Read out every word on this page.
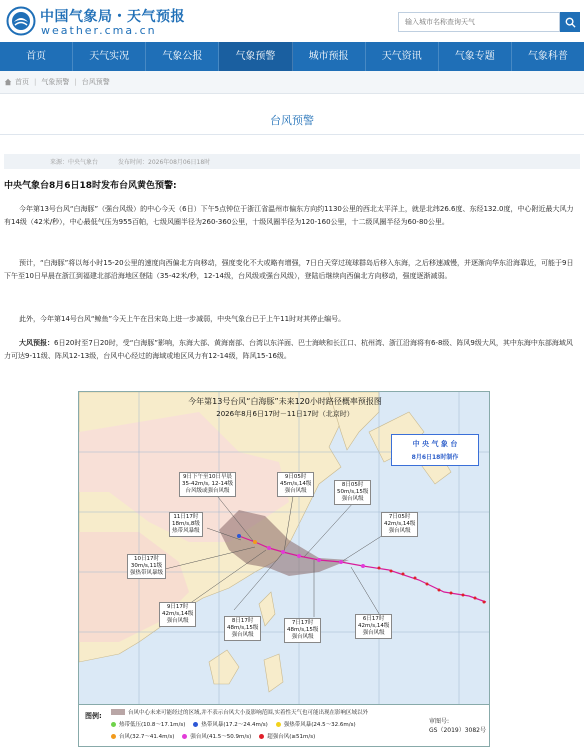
中国气象局・天气预报
weather.cma.cn
输入城市名称查询天气
首页	天气实况	气象公报	气象预警	城市预报	天气资讯	气象专题	气象科普
首页 | 气象预警 | 台风预警
台风预警
来源：中央气象台	发布时间：2026年08月06日18时
中央气象台8月6日18时发布台风黄色预警:
今年第13号台风“白海豚”（强台风级）的中心今天（6日）下午5点钟位于浙江省温州市偏东方向约1130公里的西北太平洋上，就是北纬26.6度、东经132.0度，中心附近最大风力有14级（42米/秒），中心最低气压为955百帕，七级风圈半径为260-360公里，十级风圈半径为120-160公里，十二级风圈半径为60-80公里。
预计，“白海豚”将以每小时15-20公里的速度向西偏北方向移动，强度变化不大或略有增强，7日白天穿过琉球群岛后移入东海，之后移速减慢，并逐渐向华东沿海靠近，可能于9日下午至10日早晨在浙江到福建北部沿海地区登陆（35-42米/秒，12-14级，台风级或强台风级），登陆后继续向西偏北方向移动，强度逐渐减弱。
此外，今年第14号台风“鲸鱼”今天上午在吕宋岛上进一步减弱，中央气象台已于上午11时对其停止编号。
大风预报：6日20时至7日20时，受“白海豚”影响，东海大部、黄海南部、台湾以东洋面、巴士海峡和长江口、杭州湾、浙江沿海将有6-8级、阵风9级大风，其中东海中东部海域风力可达9-11级、阵风12-13级，台风中心经过的海域或地区风力有12-14级，阵风15-16级。
今年第13号台风“白海豚”未来120小时路径概率预报图
2026年8月6日17时－11日17时（北京时）
中 央 气 象 台
8月6日18时制作
9日下午至10日早晨
35-42m/s, 12-14级
台风级或强台风级
9日05时
45m/s,14级
强台风级
8日05时
50m/s,15级
强台风级
7日05时
42m/s,14级
强台风级
11日17时
18m/s,8级
热带风暴级
10日17时
30m/s,11级
强热带风暴级
9日17时
42m/s,14级
强台风级	8日17时
48m/s,15级
强台风级
7日17时
48m/s,15级
强台风级
6日17时
42m/s,14级
强台风级
图例:	台风中心未来可能经过的区域,并不表示台风大小及影响范围,实着性天气也可能出现在影响区域以外
热带低压(10.8～17.1m/s)	热带风暴(17.2～24.4m/s)	强热带风暴(24.5～32.6m/s)
台风(32.7～41.4m/s)	强台风(41.5～50.9m/s)	超强台风(≥51m/s)
审图号:
GS（2019）3082号
